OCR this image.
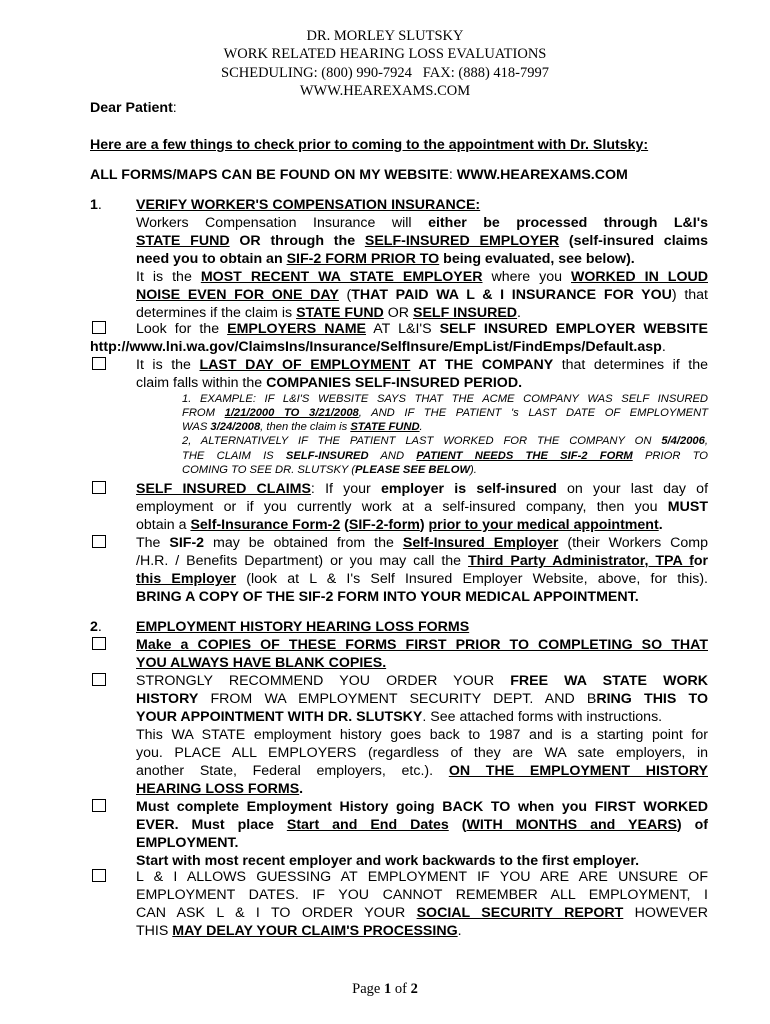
DR. MORLEY SLUTSKY
WORK RELATED HEARING LOSS EVALUATIONS
SCHEDULING: (800) 990-7924   FAX: (888) 418-7997
WWW.HEAREXAMS.COM
Dear Patient:
Here are a few things to check prior to coming to the appointment with Dr. Slutsky:
ALL FORMS/MAPS CAN BE FOUND ON MY WEBSITE: WWW.HEAREXAMS.COM
1. VERIFY WORKER'S COMPENSATION INSURANCE:
Workers Compensation Insurance will either be processed through L&I's
STATE FUND OR through the SELF-INSURED EMPLOYER (self-insured claims
need you to obtain an SIF-2 FORM PRIOR TO being evaluated, see below).
It is the MOST RECENT WA STATE EMPLOYER where you WORKED IN LOUD
NOISE EVEN FOR ONE DAY (THAT PAID WA L & I INSURANCE FOR YOU) that
determines if the claim is STATE FUND OR SELF INSURED.
Look for the EMPLOYERS NAME AT L&I'S SELF INSURED EMPLOYER WEBSITE
http://www.lni.wa.gov/ClaimsIns/Insurance/SelfInsure/EmpList/FindEmps/Default.asp.
It is the LAST DAY OF EMPLOYMENT AT THE COMPANY that determines if the
claim falls within the COMPANIES SELF-INSURED PERIOD.
1. EXAMPLE: IF L&I'S WEBSITE SAYS THAT THE ACME COMPANY WAS SELF INSURED
FROM 1/21/2000 TO 3/21/2008, AND IF THE PATIENT 's LAST DATE OF EMPLOYMENT
WAS 3/24/2008, then the claim is STATE FUND.
2, ALTERNATIVELY IF THE PATIENT LAST WORKED FOR THE COMPANY ON 5/4/2006,
THE CLAIM IS SELF-INSURED AND PATIENT NEEDS THE SIF-2 FORM PRIOR TO
COMING TO SEE DR. SLUTSKY (PLEASE SEE BELOW).
SELF INSURED CLAIMS: If your employer is self-insured on your last day of
employment or if you currently work at a self-insured company, then you MUST
obtain a Self-Insurance Form-2 (SIF-2-form) prior to your medical appointment.
The SIF-2 may be obtained from the Self-Insured Employer (their Workers Comp
/H.R. / Benefits Department) or you may call the Third Party Administrator, TPA for
this Employer (look at L & I's Self Insured Employer Website, above, for this).
BRING A COPY OF THE SIF-2 FORM INTO YOUR MEDICAL APPOINTMENT.
2. EMPLOYMENT HISTORY HEARING LOSS FORMS
Make a COPIES OF THESE FORMS FIRST PRIOR TO COMPLETING SO THAT
YOU ALWAYS HAVE BLANK COPIES.
STRONGLY RECOMMEND YOU ORDER YOUR FREE WA STATE WORK
HISTORY FROM WA EMPLOYMENT SECURITY DEPT. AND BRING THIS TO
YOUR APPOINTMENT WITH DR. SLUTSKY. See attached forms with instructions.
This WA STATE employment history goes back to 1987 and is a starting point for
you. PLACE ALL EMPLOYERS (regardless of they are WA sate employers, in
another State, Federal employers, etc.). ON THE EMPLOYMENT HISTORY
HEARING LOSS FORMS.
Must complete Employment History going BACK TO when you FIRST WORKED
EVER. Must place Start and End Dates (WITH MONTHS and YEARS) of
EMPLOYMENT.
Start with most recent employer and work backwards to the first employer.
L & I ALLOWS GUESSING AT EMPLOYMENT IF YOU ARE ARE UNSURE OF
EMPLOYMENT DATES. IF YOU CANNOT REMEMBER ALL EMPLOYMENT, I
CAN ASK L & I TO ORDER YOUR SOCIAL SECURITY REPORT HOWEVER
THIS MAY DELAY YOUR CLAIM'S PROCESSING.
Page 1 of 2
